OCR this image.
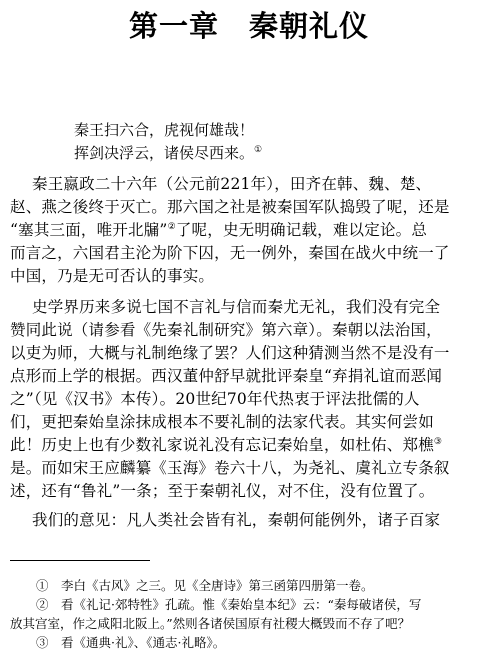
第一章　秦朝礼仪
秦王扫六合，虎视何雄哉！
挥剑决浮云，诸侯尽西来。①
秦王嬴政二十六年（公元前221年），田齐在韩、魏、楚、
赵、燕之後终于灭亡。那六国之社是被秦国军队捣毁了呢，还是
“塞其三面，唯开北牖”②了呢，史无明确记载，难以定论。总
而言之，六国君主沦为阶下囚，无一例外，秦国在战火中统一了
中国，乃是无可否认的事实。
史学界历来多说七国不言礼与信而秦尤无礼，我们没有完全
赞同此说（请参看《先秦礼制研究》第六章）。秦朝以法治国，
以吏为师，大概与礼制绝缘了罢？人们这种猜测当然不是没有一
点形而上学的根据。西汉董仲舒早就批评秦皇“弃捐礼谊而恶闻
之”（见《汉书》本传）。20世纪70年代热衷于评法批儒的人
们，更把秦始皇涂抹成根本不要礼制的法家代表。其实何尝如
此！历史上也有少数礼家说礼没有忘记秦始皇，如杜佑、郑樵③
是。而如宋王应麟纂《玉海》卷六十八，为尧礼、虞礼立专条叙
述，还有“鲁礼”一条；至于秦朝礼仪，对不住，没有位置了。
我们的意见：凡人类社会皆有礼，秦朝何能例外，诸子百家
①　李白《古风》之三。见《全唐诗》第三函第四册第一卷。
②　看《礼记·郊特牲》孔疏。惟《秦始皇本纪》云：“秦每破诸侯，写
放其宫室，作之咸阳北阪上。”然则各诸侯国原有社稷大概毁而不存了吧？
③　看《通典·礼》、《通志·礼略》。
